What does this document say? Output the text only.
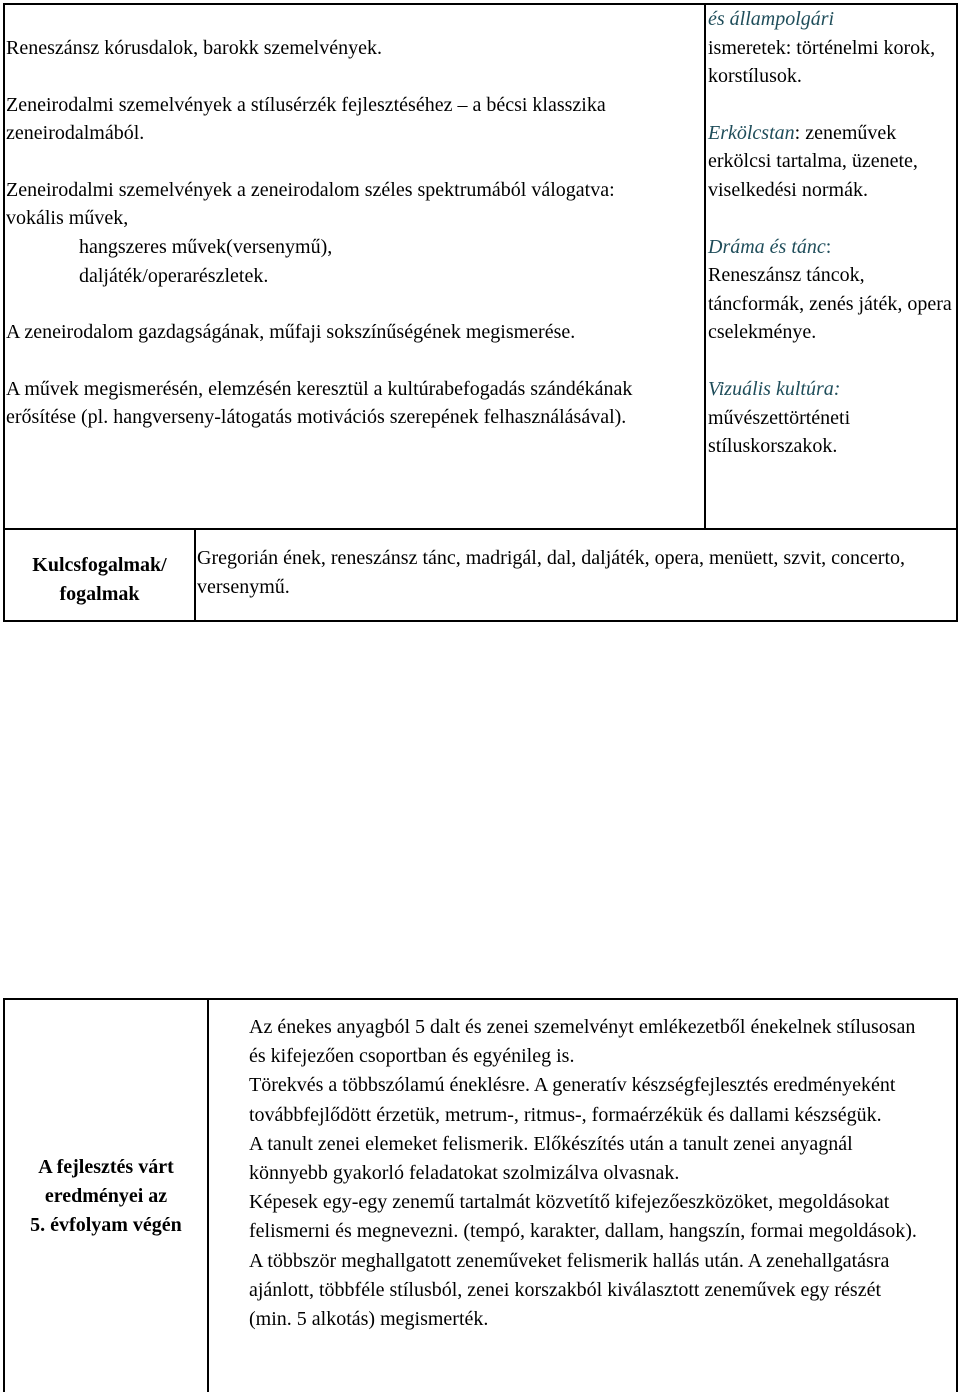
Reneszánsz kórusdalok, barokk szemelvények.

Zeneirodalmi szemelvények a stílusérzék fejlesztéséhez – a bécsi klasszika zeneirodalmából.

Zeneirodalmi szemelvények a zeneirodalom széles spektrumából válogatva:

vokális művek,

hangszeres művek(versenymű),

daljáték/operarészletek.

A zeneirodalom gazdagságának, műfaji sokszínűségének megismerése.

A művek megismerésén, elemzésén keresztül a kultúrabefogadás szándékának erősítése (pl. hangverseny-látogatás motivációs szerepének felhasználásával).

és állampolgári
ismeretek: történelmi korok, korstílusok.

Erkölcstan: zeneművek erkölcsi tartalma, üzenete, viselkedési normák.

Dráma és tánc:
Reneszánsz táncok, táncformák, zenés játék, opera cselekménye.

Vizuális kultúra:
művészettörténeti stíluskorszakok.

Kulcsfogalmak/
fogalmak
Gregorián ének, reneszánsz tánc, madrigál, dal, daljáték, opera, menüett, szvit, concerto, versenymű.
A fejlesztés várt
eredményei az
5. évfolyam végén
Az énekes anyagból 5 dalt és zenei szemelvényt emlékezetből énekelnek stílusosan és kifejezően csoportban és egyénileg is.
Törekvés a többszólamú éneklésre. A generatív készségfejlesztés eredményeként továbbfejlődött érzetük, metrum-, ritmus-, formaérzékük és dallami készségük.
A tanult zenei elemeket felismerik. Előkészítés után a tanult zenei anyagnál könnyebb gyakorló feladatokat szolmizálva olvasnak.
Képesek egy-egy zenemű tartalmát közvetítő kifejezőeszközöket, megoldásokat felismerni és megnevezni. (tempó, karakter, dallam, hangszín, formai megoldások).
A többször meghallgatott zeneműveket felismerik hallás után. A zenehallgatásra ajánlott, többféle stílusból, zenei korszakból kiválasztott zeneművek egy részét (min. 5 alkotás) megismerték.
